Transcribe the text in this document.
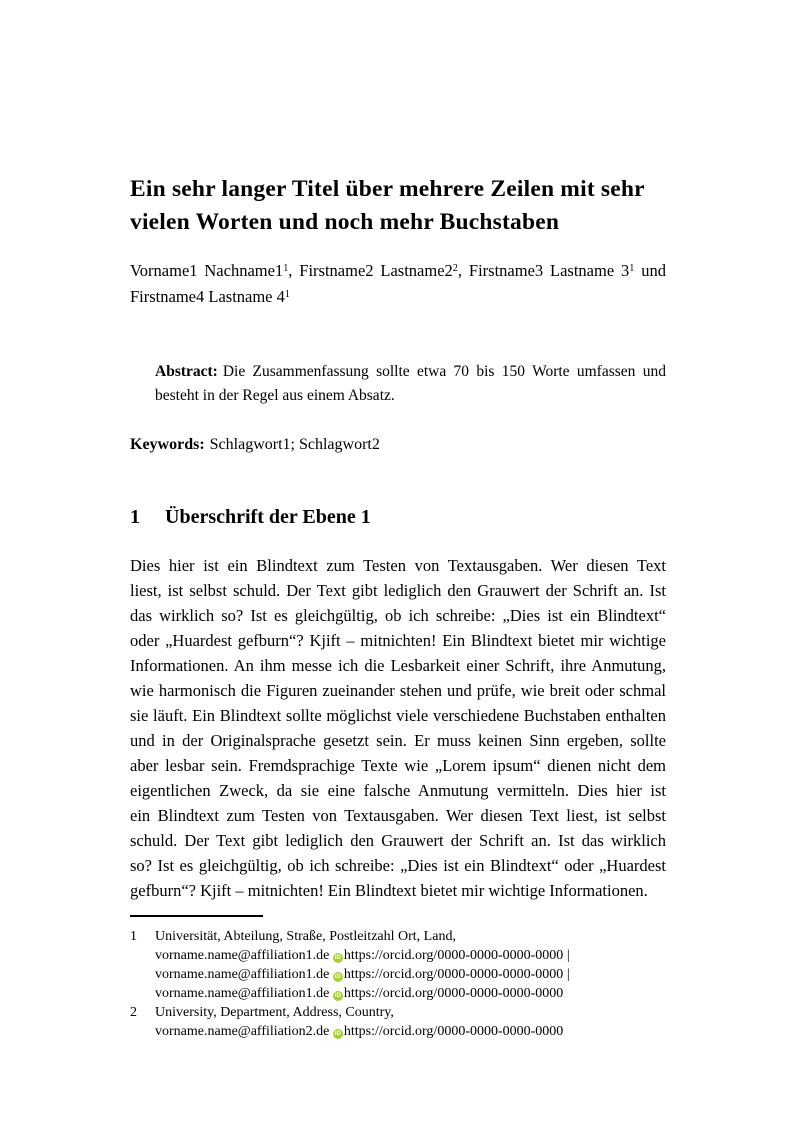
Ein sehr langer Titel über mehrere Zeilen mit sehr
vielen Worten und noch mehr Buchstaben
Vorname1 $Nachname1^1$, Firstname2 $Lastname2^2$, Firstname3 Lastname $3^1$ und
Firstname4 Lastname $4^1$
Abstract: Die Zusammenfassung sollte etwa 70 bis 150 Worte umfassen und
besteht in der Regel aus einem Absatz.
Keywords: Schlagwort1; Schlagwort2
1 Überschrift der Ebene 1
Dies hier ist ein Blindtext zum Testen von Textausgaben. Wer diesen Text
liest, ist selbst schuld. Der Text gibt lediglich den Grauwert der Schrift an. Ist
das wirklich so? Ist es gleichgültig, ob ich schreibe: „Dies ist ein Blindtext“
oder „Huardest gefburn“? Kjift – mitnichten! Ein Blindtext bietet mir wichtige
Informationen. An ihm messe ich die Lesbarkeit einer Schrift, ihre Anmutung,
wie harmonisch die Figuren zueinander stehen und prüfe, wie breit oder schmal
sie läuft. Ein Blindtext sollte möglichst viele verschiedene Buchstaben enthalten
und in der Originalsprache gesetzt sein. Er muss keinen Sinn ergeben, sollte
aber lesbar sein. Fremdsprachige Texte wie „Lorem ipsum“ dienen nicht dem
eigentlichen Zweck, da sie eine falsche Anmutung vermitteln. Dies hier ist
ein Blindtext zum Testen von Textausgaben. Wer diesen Text liest, ist selbst
schuld. Der Text gibt lediglich den Grauwert der Schrift an. Ist das wirklich
so? Ist es gleichgültig, ob ich schreibe: „Dies ist ein Blindtext“ oder „Huardest
gefburn“? Kjift – mitnichten! Ein Blindtext bietet mir wichtige Informationen.
1	Universität, Abteilung, Straße, Postleitzahl Ort, Land,
vorname.name@affiliation1.de iD https://orcid.org/0000-0000-0000-0000 |
vorname.name@affiliation1.de iD https://orcid.org/0000-0000-0000-0000 |
vorname.name@affiliation1.de iD https://orcid.org/0000-0000-0000-0000
2	University, Department, Address, Country,
vorname.name@affiliation2.de iD https://orcid.org/0000-0000-0000-0000
